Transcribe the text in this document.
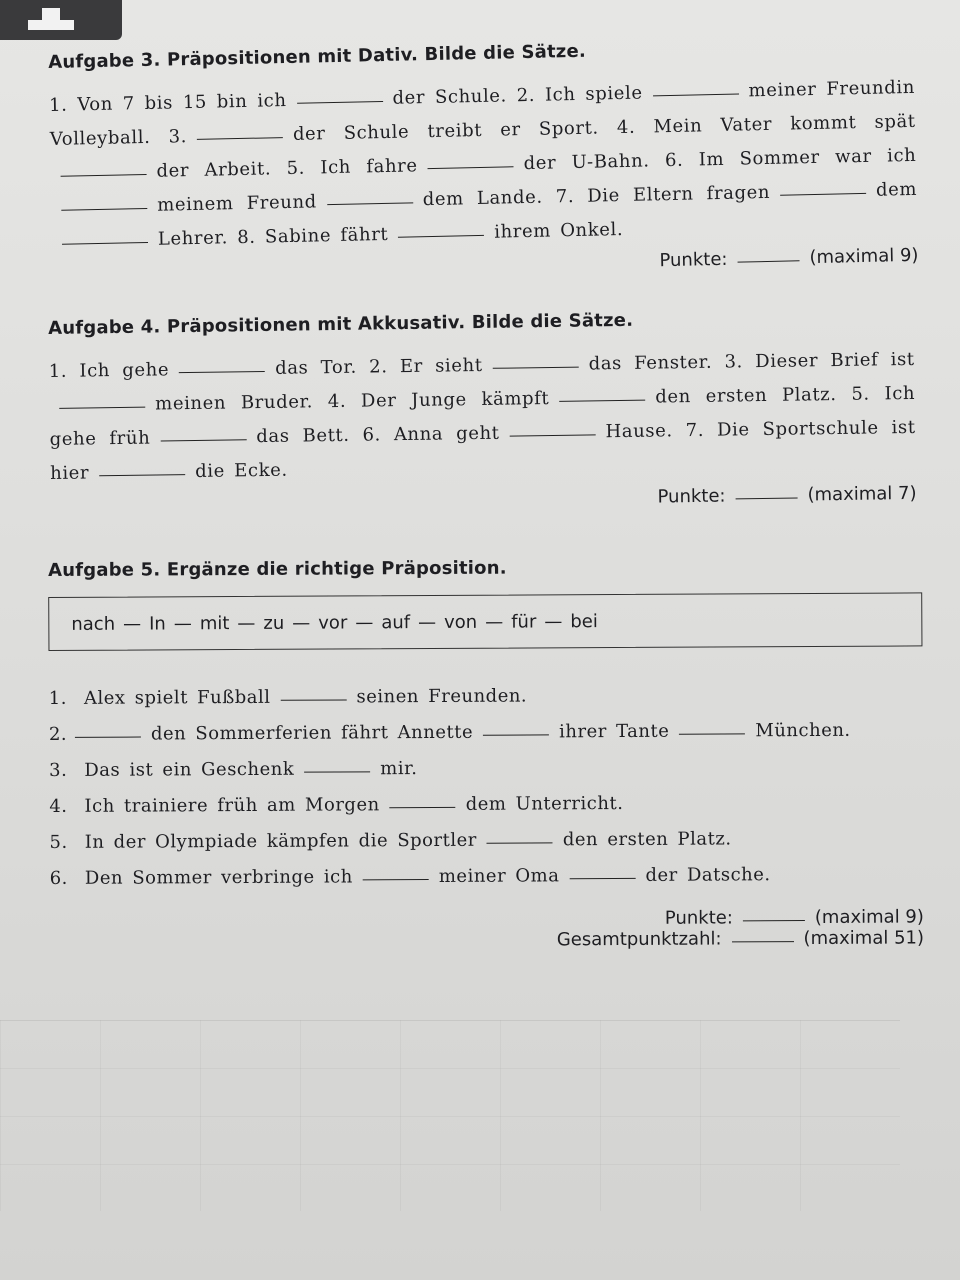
Aufgabe 3. Präpositionen mit Dativ. Bilde die Sätze.
1. Von 7 bis 15 bin ich	der Schule. 2. Ich spiele	meiner Freundin Volleyball. 3.	der Schule treibt er Sport. 4. Mein Vater kommt spätder Arbeit. 5. Ich fahre	der U-Bahn. 6. Im Sommer war ichmeinem Freund	dem Lande. 7. Die Eltern fragen	dem Lehrer. 8. Sabine fährt	ihrem Onkel.
Punkte:	(maximal 9)
Aufgabe 4. Präpositionen mit Akkusativ. Bilde die Sätze.
1. Ich gehe	das Tor. 2. Er sieht	das Fenster. 3. Dieser Brief ist meinen Bruder. 4. Der Junge kämpft	den ersten Platz. 5. Ich gehe früh	das Bett. 6. Anna geht	Hause. 7. Die Sportschule ist hier	die Ecke.
Punkte:	(maximal 7)
Aufgabe 5. Ergänze die richtige Präposition.
nach — In — mit — zu — vor — auf — von — für — bei
1. Alex spielt Fußball	seinen Freunden.
2.	den Sommerferien fährt Annette	ihrer Tante	München.
3. Das ist ein Geschenk	mir.
4. Ich trainiere früh am Morgen	dem Unterricht.
5. In der Olympiade kämpfen die Sportler	den ersten Platz.
6. Den Sommer verbringe ich	meiner Oma	der Datsche.
Punkte:	(maximal 9)
Gesamtpunktzahl:	(maximal 51)
